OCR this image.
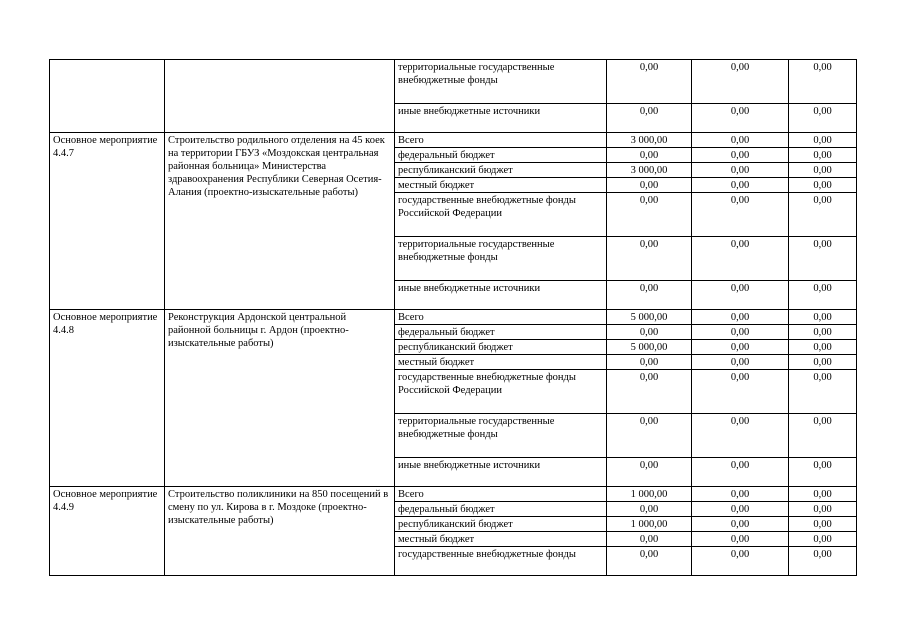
		территориальные государственные внебюджетные фонды	0,00	0,00	0,00
		иные внебюджетные источники	0,00	0,00	0,00
Основное мероприятие 4.4.7	Строительство родильного отделения на 45 коек на территории ГБУЗ «Моздокская центральная районная больница» Министерства здравоохранения Республики Северная Осетия-Алания (проектно-изыскательные работы)	Всего	3 000,00	0,00	0,00
		федеральный бюджет	0,00	0,00	0,00
		республиканский бюджет	3 000,00	0,00	0,00
		местный бюджет	0,00	0,00	0,00
		государственные внебюджетные фонды Российской Федерации	0,00	0,00	0,00
		территориальные государственные внебюджетные фонды	0,00	0,00	0,00
		иные внебюджетные источники	0,00	0,00	0,00
Основное мероприятие 4.4.8	Реконструкция Ардонской центральной районной больницы г. Ардон (проектно-изыскательные работы)	Всего	5 000,00	0,00	0,00
		федеральный бюджет	0,00	0,00	0,00
		республиканский бюджет	5 000,00	0,00	0,00
		местный бюджет	0,00	0,00	0,00
		государственные внебюджетные фонды Российской Федерации	0,00	0,00	0,00
		территориальные государственные внебюджетные фонды	0,00	0,00	0,00
		иные внебюджетные источники	0,00	0,00	0,00
Основное мероприятие 4.4.9	Строительство поликлиники на 850 посещений в смену по ул. Кирова в г. Моздоке (проектно-изыскательные работы)	Всего	1 000,00	0,00	0,00
		федеральный бюджет	0,00	0,00	0,00
		республиканский бюджет	1 000,00	0,00	0,00
		местный бюджет	0,00	0,00	0,00
		государственные внебюджетные фонды	0,00	0,00	0,00
